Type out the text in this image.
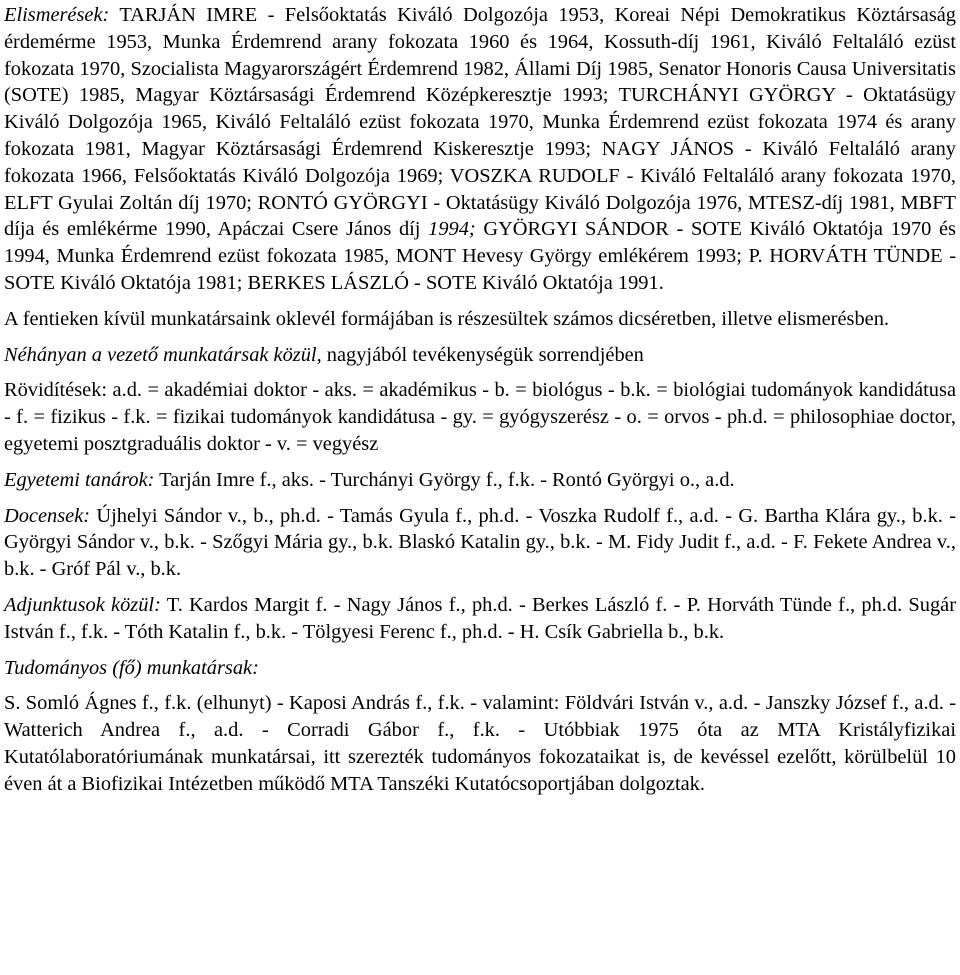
Elismerések: TARJÁN IMRE - Felsőoktatás Kiváló Dolgozója 1953, Koreai Népi Demokratikus Köztársaság érdemérme 1953, Munka Érdemrend arany fokozata 1960 és 1964, Kossuth-díj 1961, Kiváló Feltaláló ezüst fokozata 1970, Szocialista Magyarországért Érdemrend 1982, Állami Díj 1985, Senator Honoris Causa Universitatis (SOTE) 1985, Magyar Köztársasági Érdemrend Középkeresztje 1993; TURCHÁNYI GYÖRGY - Oktatásügy Kiváló Dolgozója 1965, Kiváló Feltaláló ezüst fokozata 1970, Munka Érdemrend ezüst fokozata 1974 és arany fokozata 1981, Magyar Köztársasági Érdemrend Kiskeresztje 1993; NAGY JÁNOS - Kiváló Feltaláló arany fokozata 1966, Felsőoktatás Kiváló Dolgozója 1969; VOSZKA RUDOLF - Kiváló Feltaláló arany fokozata 1970, ELFT Gyulai Zoltán díj 1970; RONTÓ GYÖRGYI - Oktatásügy Kiváló Dolgozója 1976, MTESZ-díj 1981, MBFT díja és emlékérme 1990, Apáczai Csere János díj 1994; GYÖRGYI SÁNDOR - SOTE Kiváló Oktatója 1970 és 1994, Munka Érdemrend ezüst fokozata 1985, MONT Hevesy György emlékérem 1993; P. HORVÁTH TÜNDE - SOTE Kiváló Oktatója 1981; BERKES LÁSZLÓ - SOTE Kiváló Oktatója 1991.

A fentieken kívül munkatársaink oklevél formájában is részesültek számos dicséretben, illetve elismerésben.

Néhányan a vezető munkatársak közül, nagyjából tevékenységük sorrendjében

Rövidítések: a.d. = akadémiai doktor - aks. = akadémikus - b. = biológus - b.k. = biológiai tudományok kandidátusa - f. = fizikus - f.k. = fizikai tudományok kandidátusa - gy. = gyógyszerész - o. = orvos - ph.d. = philosophiae doctor, egyetemi posztgraduális doktor - v. = vegyész

Egyetemi tanárok: Tarján Imre f., aks. - Turchányi György f., f.k. - Rontó Györgyi o., a.d.

Docensek: Újhelyi Sándor v., b., ph.d. - Tamás Gyula f., ph.d. - Voszka Rudolf f., a.d. - G. Bartha Klára gy., b.k. - Györgyi Sándor v., b.k. - Szőgyi Mária gy., b.k. Blaskó Katalin gy., b.k. - M. Fidy Judit f., a.d. - F. Fekete Andrea v., b.k. - Gróf Pál v., b.k.

Adjunktusok közül: T. Kardos Margit f. - Nagy János f., ph.d. - Berkes László f. - P. Horváth Tünde f., ph.d. Sugár István f., f.k. - Tóth Katalin f., b.k. - Tölgyesi Ferenc f., ph.d. - H. Csík Gabriella b., b.k.

Tudományos (fő) munkatársak:

S. Somló Ágnes f., f.k. (elhunyt) - Kaposi András f., f.k. - valamint: Földvári István v., a.d. - Janszky József f., a.d. - Watterich Andrea f., a.d. - Corradi Gábor f., f.k. - Utóbbiak 1975 óta az MTA Kristályfizikai Kutatólaboratóriumának munkatársai, itt szerezték tudományos fokozataikat is, de kevéssel ezelőtt, körülbelül 10 éven át a Biofizikai Intézetben működő MTA Tanszéki Kutatócsoportjában dolgoztak.
